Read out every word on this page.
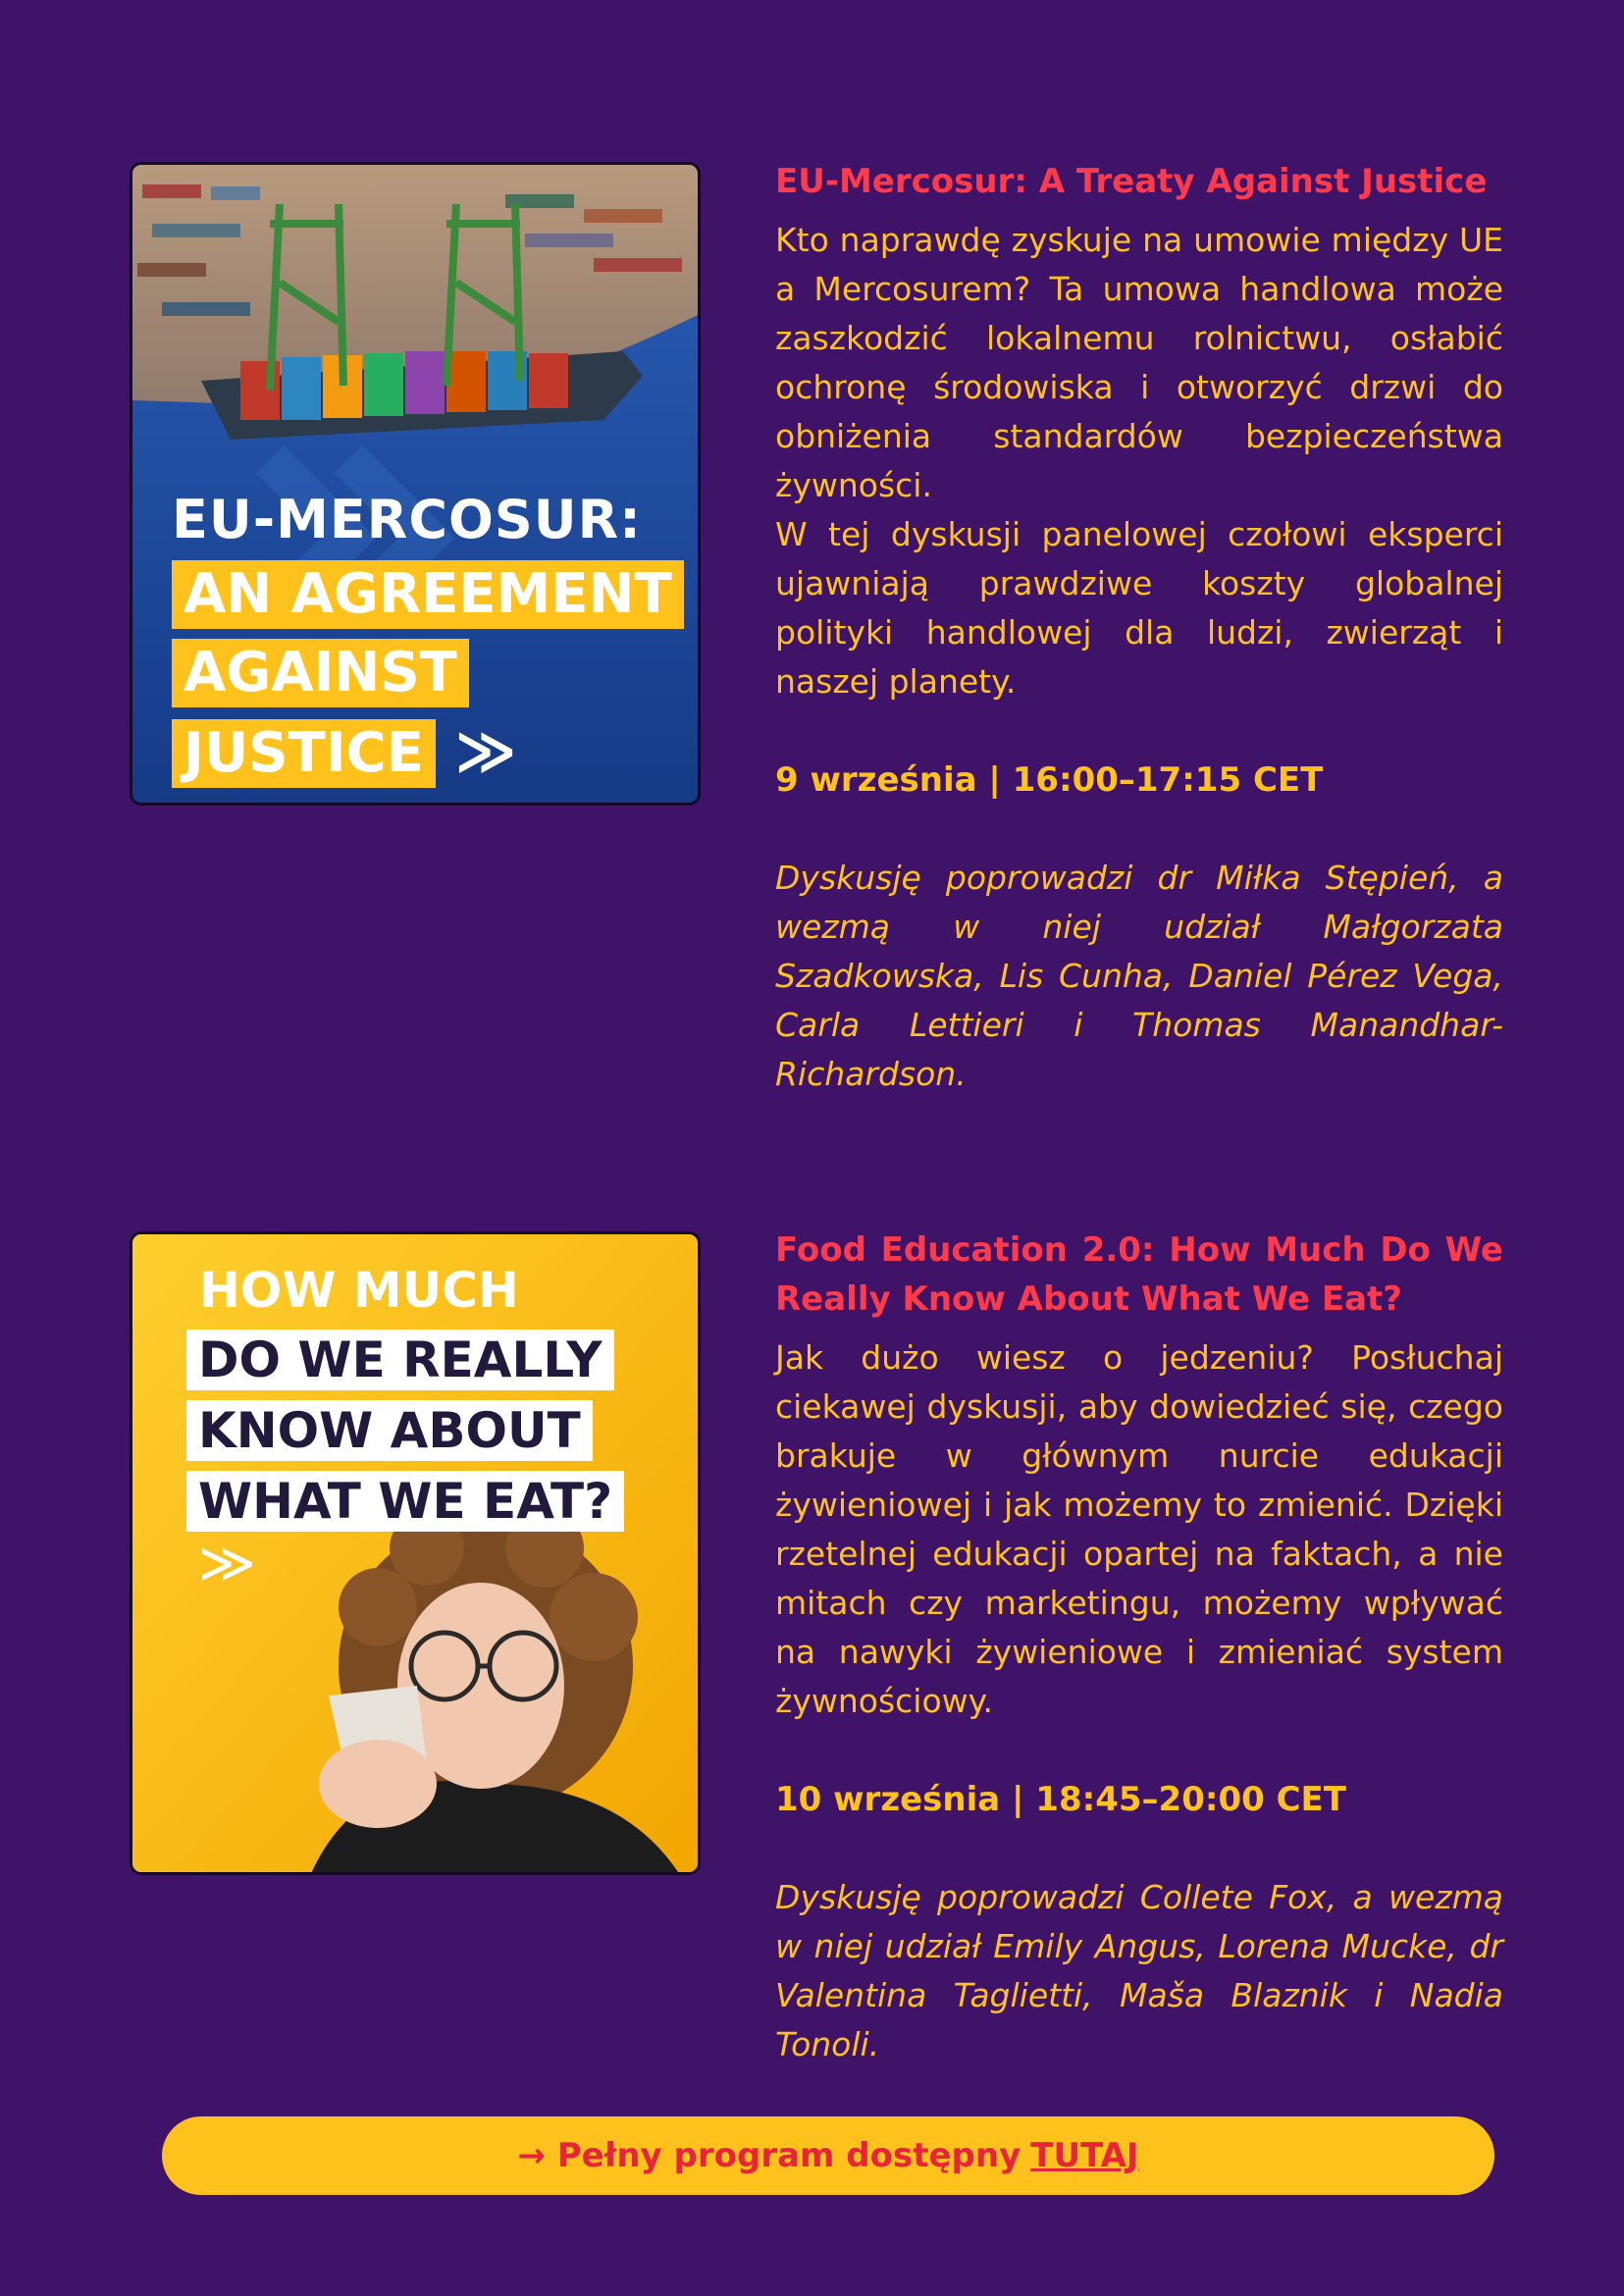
EU-MERCOSUR:
AN AGREEMENT
AGAINST
JUSTICE ≫
EU-Mercosur: A Treaty Against Justice

Kto naprawdę zyskuje na umowie między UE a Mercosurem? Ta umowa handlowa może zaszkodzić lokalnemu rolnictwu, osłabić ochronę środowiska i otworzyć drzwi do obniżenia standardów bezpieczeństwa żywności.
W tej dyskusji panelowej czołowi eksperci ujawniają prawdziwe koszty globalnej polityki handlowej dla ludzi, zwierząt i naszej planety.

9 września | 16:00–17:15 CET

Dyskusję poprowadzi dr Miłka Stępień, a wezmą w niej udział Małgorzata Szadkowska, Lis Cunha, Daniel Pérez Vega, Carla Lettieri i Thomas Manandhar-Richardson.

HOW MUCH
DO WE REALLY
KNOW ABOUT
WHAT WE EAT? ≫
Food Education 2.0: How Much Do We Really Know About What We Eat?

Jak dużo wiesz o jedzeniu? Posłuchaj ciekawej dyskusji, aby dowiedzieć się, czego brakuje w głównym nurcie edukacji żywieniowej i jak możemy to zmienić. Dzięki rzetelnej edukacji opartej na faktach, a nie mitach czy marketingu, możemy wpływać na nawyki żywieniowe i zmieniać system żywnościowy.

10 września | 18:45–20:00 CET

Dyskusję poprowadzi Collete Fox, a wezmą w niej udział Emily Angus, Lorena Mucke, dr Valentina Taglietti, Maša Blaznik i Nadia Tonoli.

→ Pełny program dostępny TUTAJ
